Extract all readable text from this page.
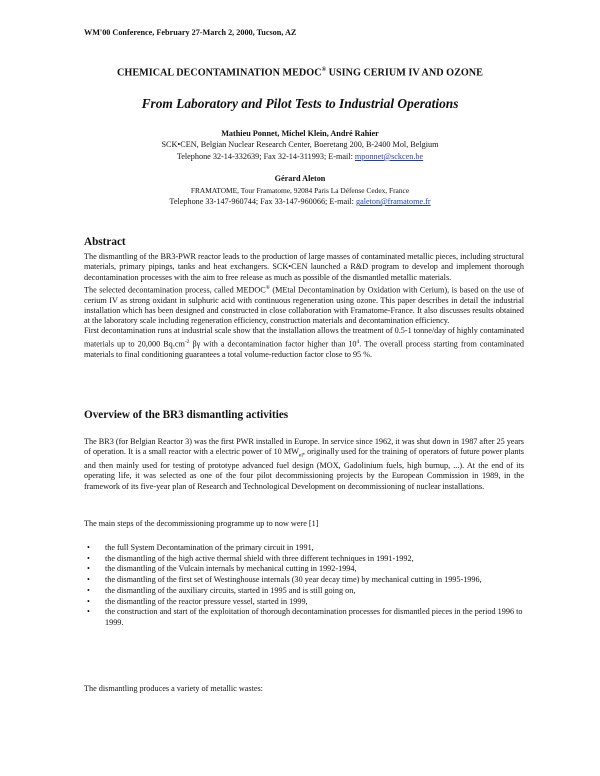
WM'00 Conference, February 27-March 2, 2000, Tucson, AZ
CHEMICAL DECONTAMINATION MEDOC® USING CERIUM IV AND OZONE
From Laboratory and Pilot Tests to Industrial Operations
Mathieu Ponnet, Michel Klein, André Rahier
SCK•CEN, Belgian Nuclear Research Center, Boeretang 200, B-2400 Mol, Belgium
Telephone 32-14-332639; Fax 32-14-311993; E-mail: mponnet@sckcen.be
Gérard Aleton
FRAMATOME, Tour Framatome, 92084 Paris La Défense Cedex, France
Telephone 33-147-960744; Fax 33-147-960066; E-mail: galeton@framatome.fr
Abstract

The dismantling of the BR3-PWR reactor leads to the production of large masses of contaminated metallic pieces, including structural materials, primary pipings, tanks and heat exchangers. SCK•CEN launched a R&D program to develop and implement thorough decontamination processes with the aim to free release as much as possible of the dismantled metallic materials.

The selected decontamination process, called MEDOC® (MEtal Decontamination by Oxidation with Cerium), is based on the use of cerium IV as strong oxidant in sulphuric acid with continuous regeneration using ozone. This paper describes in detail the industrial installation which has been designed and constructed in close collaboration with Framatome-France. It also discusses results obtained at the laboratory scale including regeneration efficiency, construction materials and decontamination efficiency.

First decontamination runs at industrial scale show that the installation allows the treatment of 0.5-1 tonne/day of highly contaminated materials up to 20,000 $Bq.cm^{-2}$ βγ with a decontamination factor higher than $10^4$. The overall process starting from contaminated materials to final conditioning guarantees a total volume-reduction factor close to 95 %.

Overview of the BR3 dismantling activities
The BR3 (for Belgian Reactor 3) was the first PWR installed in Europe. In service since 1962, it was shut down in 1987 after 25 years of operation. It is a small reactor with a electric power of 10 $MW_{el}$, originally used for the training of operators of future power plants and then mainly used for testing of prototype advanced fuel design (MOX, Gadolinium fuels, high burnup, ...). At the end of its operating life, it was selected as one of the four pilot decommissioning projects by the European Commission in 1989, in the framework of its five-year plan of Research and Technological Development on decommissioning of nuclear installations.
The main steps of the decommissioning programme up to now were [1]
• the full System Decontamination of the primary circuit in 1991,
• the dismantling of the high active thermal shield with three different techniques in 1991-1992,
• the dismantling of the Vulcain internals by mechanical cutting in 1992-1994,
• the dismantling of the first set of Westinghouse internals (30 year decay time) by mechanical cutting in 1995-1996,
• the dismantling of the auxiliary circuits, started in 1995 and is still going on,
• the dismantling of the reactor pressure vessel, started in 1999,
• the construction and start of the exploitation of thorough decontamination processes for dismantled pieces in the period 1996 to 1999.
The dismantling produces a variety of metallic wastes:
